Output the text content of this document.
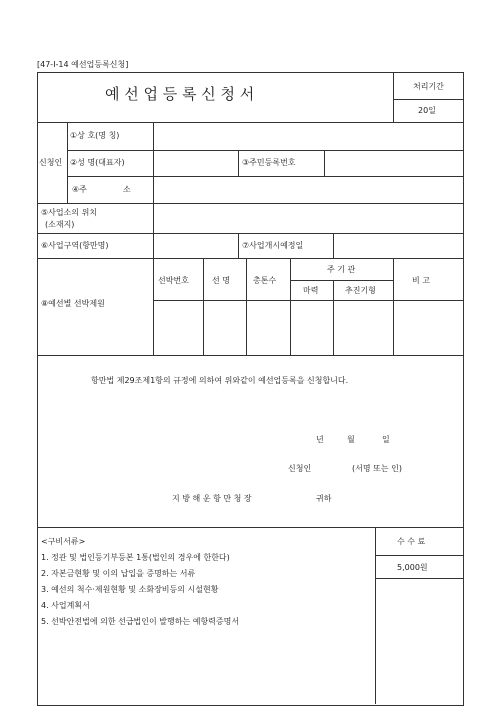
[47-Ⅰ-14 예선업등록신청]
예 선 업 등 록 신 청 서	처리기간
20일
신청인
①상 호(명 칭)
②성 명(대표자)	③주민등록번호
④주	소
⑤사업소의 위치
(소재지)
⑥사업구역(항만명)	⑦사업개시예정일
⑧예선별 선박제원
선박번호	선 명	총톤수
주 기 관
마력	추진기형
비 고
항만법 제29조제1항의 규정에 의하여 위와같이 예선업등록을 신청합니다.
년	월	일
신청인	(서명 또는 인)
지 방 해 운 항 만 청 장	귀하
<구비서류>
1. 정관 및 법인등기부등본 1통(법인의 경우에 한한다)
2. 자본금현황 및 이의 납입을 증명하는 서류
3. 예선의 척수·제원현황 및 소화장비등의 시설현황
4. 사업계획서
5. 선박안전법에 의한 선급법인이 발행하는 예항력증명서
수 수 료
5,000원
